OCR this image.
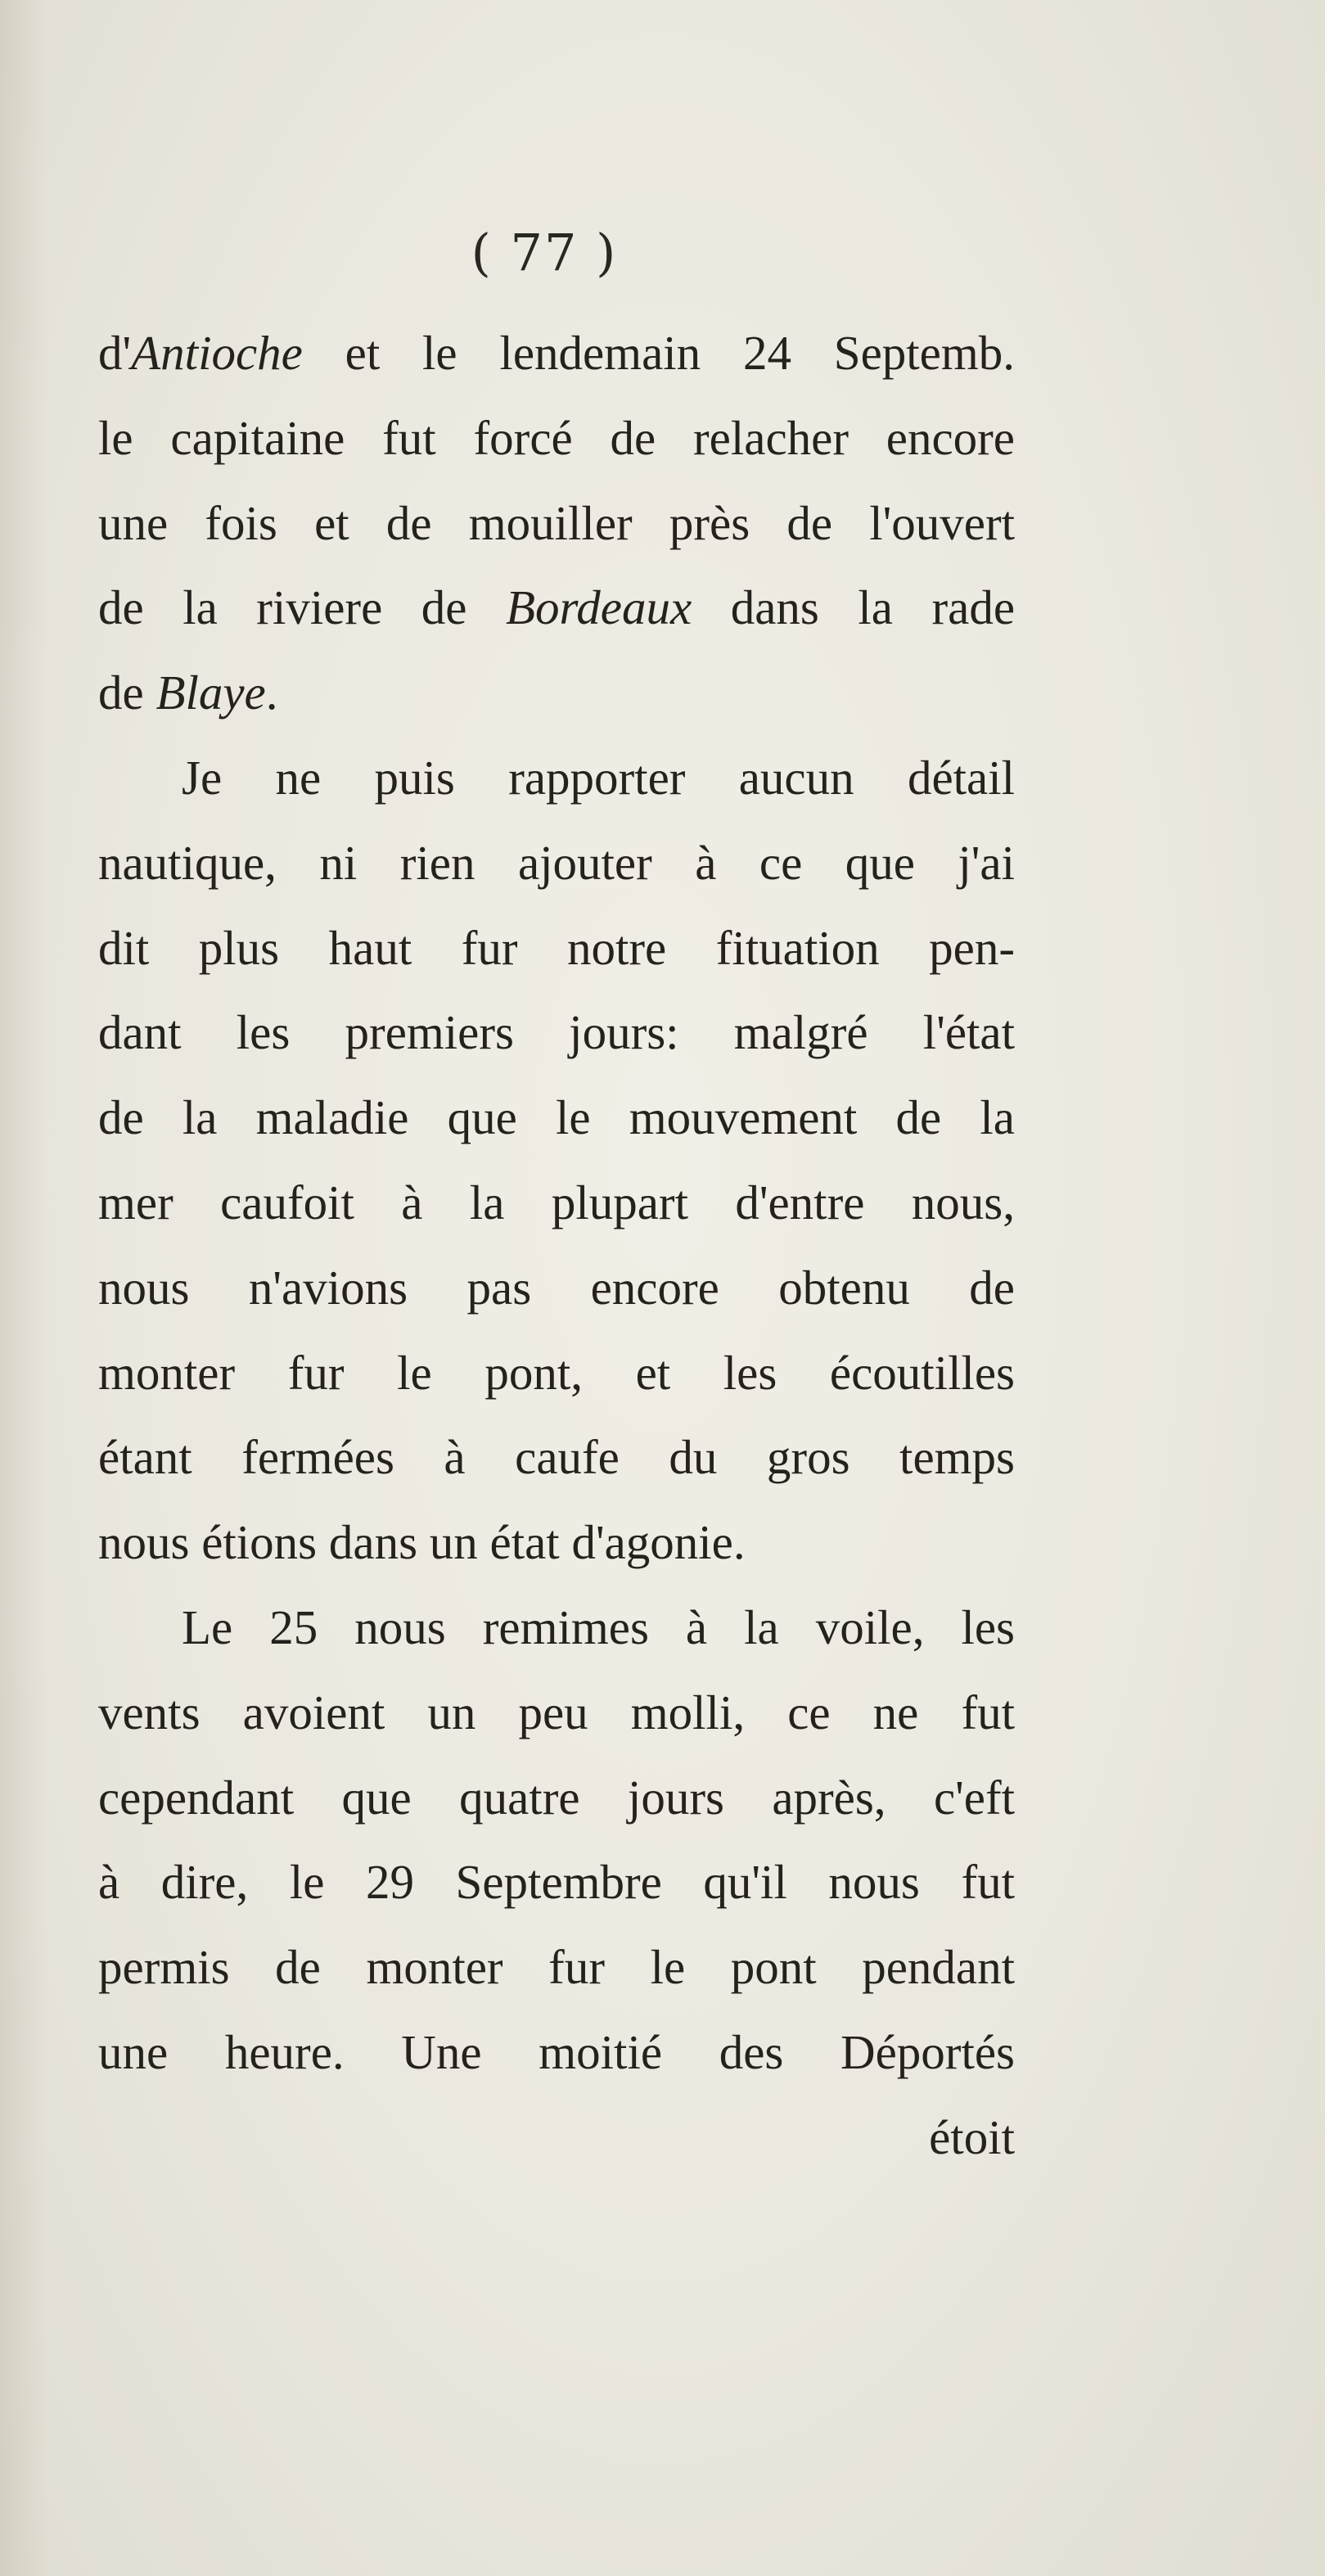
( 77 )
d'Antioche et le lendemain 24 Septemb.
le capitaine fut forcé de relacher encore
une fois et de mouiller près de l'ouvert
de la riviere de Bordeaux dans la rade
de Blaye.
Je ne puis rapporter aucun détail
nautique, ni rien ajouter à ce que j'ai
dit plus haut fur notre fituation pen-
dant les premiers jours: malgré l'état
de la maladie que le mouvement de la
mer caufoit à la plupart d'entre nous,
nous n'avions pas encore obtenu de
monter fur le pont, et les écoutilles
étant fermées à caufe du gros temps
nous étions dans un état d'agonie.
Le 25 nous remimes à la voile, les
vents avoient un peu molli, ce ne fut
cependant que quatre jours après, c'eft
à dire, le 29 Septembre qu'il nous fut
permis de monter fur le pont pendant
une heure. Une moitié des Déportés
étoit
